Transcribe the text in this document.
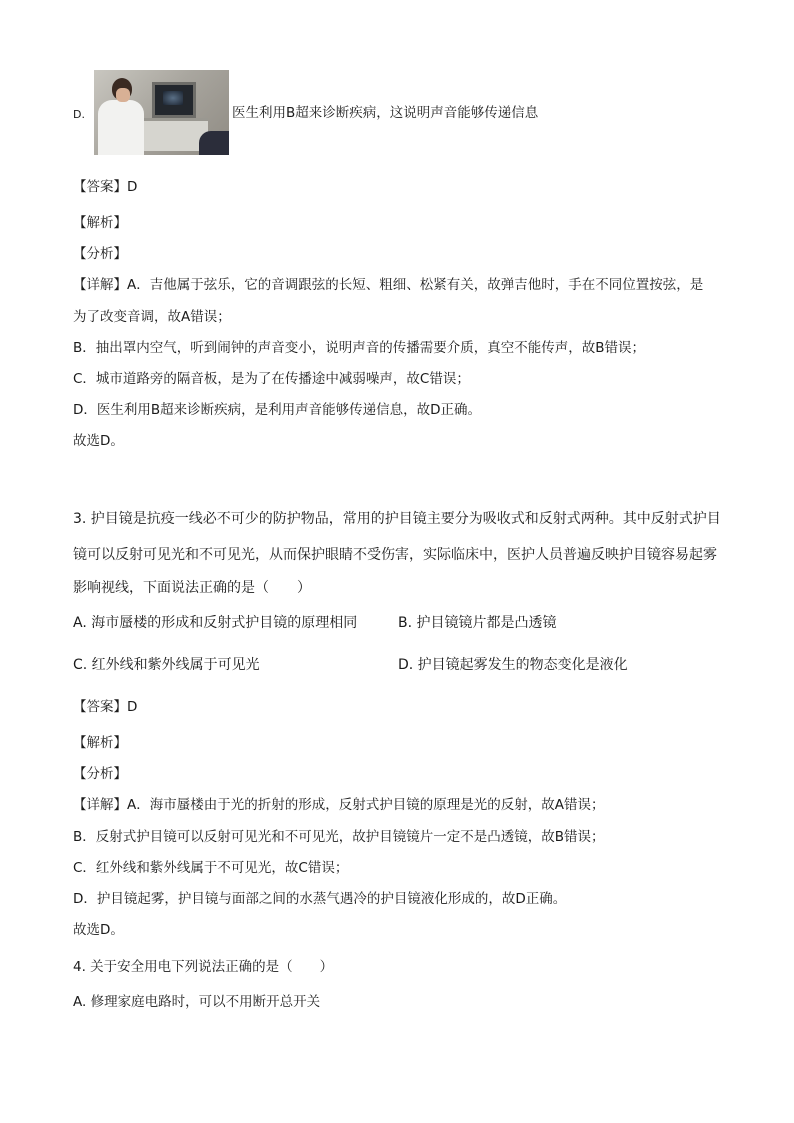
D.	医生利用B超来诊断疾病，这说明声音能够传递信息
【答案】D
【解析】
【分析】
【详解】A．吉他属于弦乐，它的音调跟弦的长短、粗细、松紧有关，故弹吉他时，手在不同位置按弦，是
为了改变音调，故A错误；
B．抽出罩内空气，听到闹钟的声音变小，说明声音的传播需要介质，真空不能传声，故B错误；
C．城市道路旁的隔音板，是为了在传播途中减弱噪声，故C错误；
D．医生利用B超来诊断疾病，是利用声音能够传递信息，故D正确。
故选D。
3. 护目镜是抗疫一线必不可少的防护物品，常用的护目镜主要分为吸收式和反射式两种。其中反射式护目
镜可以反射可见光和不可见光，从而保护眼睛不受伤害，实际临床中，医护人员普遍反映护目镜容易起雾
影响视线，下面说法正确的是（　　）
A. 海市蜃楼的形成和反射式护目镜的原理相同	B. 护目镜镜片都是凸透镜
C. 红外线和紫外线属于可见光	D. 护目镜起雾发生的物态变化是液化
【答案】D
【解析】
【分析】
【详解】A．海市蜃楼由于光的折射的形成，反射式护目镜的原理是光的反射，故A错误；
B．反射式护目镜可以反射可见光和不可见光，故护目镜镜片一定不是凸透镜，故B错误；
C．红外线和紫外线属于不可见光，故C错误；
D．护目镜起雾，护目镜与面部之间的水蒸气遇冷的护目镜液化形成的，故D正确。
故选D。
4. 关于安全用电下列说法正确的是（　　）
A. 修理家庭电路时，可以不用断开总开关
